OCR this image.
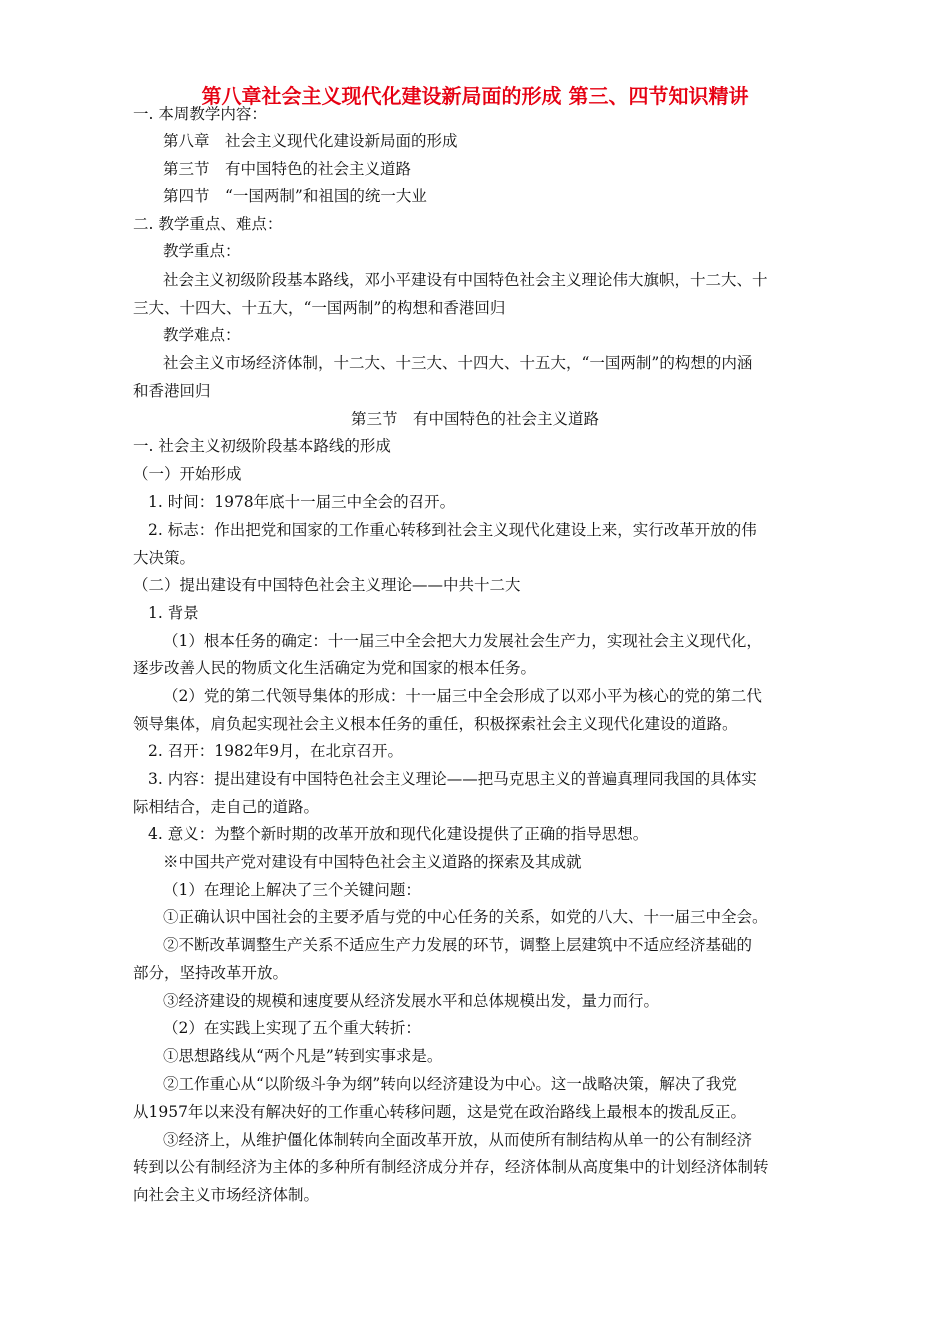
第八章社会主义现代化建设新局面的形成 第三、四节知识精讲
一. 本周教学内容：
第八章　社会主义现代化建设新局面的形成
第三节　有中国特色的社会主义道路
第四节　“一国两制”和祖国的统一大业
二. 教学重点、难点：
教学重点：
社会主义初级阶段基本路线，邓小平建设有中国特色社会主义理论伟大旗帜，十二大、十
三大、十四大、十五大，“一国两制”的构想和香港回归
教学难点：
社会主义市场经济体制，十二大、十三大、十四大、十五大，“一国两制”的构想的内涵
和香港回归
第三节　有中国特色的社会主义道路
一. 社会主义初级阶段基本路线的形成
（一）开始形成
1. 时间：1978年底十一届三中全会的召开。
2. 标志：作出把党和国家的工作重心转移到社会主义现代化建设上来，实行改革开放的伟
大决策。
（二）提出建设有中国特色社会主义理论——中共十二大
1. 背景
（1）根本任务的确定：十一届三中全会把大力发展社会生产力，实现社会主义现代化，
逐步改善人民的物质文化生活确定为党和国家的根本任务。
（2）党的第二代领导集体的形成：十一届三中全会形成了以邓小平为核心的党的第二代
领导集体，肩负起实现社会主义根本任务的重任，积极探索社会主义现代化建设的道路。
2. 召开：1982年9月，在北京召开。
3. 内容：提出建设有中国特色社会主义理论——把马克思主义的普遍真理同我国的具体实
际相结合，走自己的道路。
4. 意义：为整个新时期的改革开放和现代化建设提供了正确的指导思想。
※中国共产党对建设有中国特色社会主义道路的探索及其成就
（1）在理论上解决了三个关键问题：
①正确认识中国社会的主要矛盾与党的中心任务的关系，如党的八大、十一届三中全会。
②不断改革调整生产关系不适应生产力发展的环节，调整上层建筑中不适应经济基础的
部分，坚持改革开放。
③经济建设的规模和速度要从经济发展水平和总体规模出发，量力而行。
（2）在实践上实现了五个重大转折：
①思想路线从“两个凡是”转到实事求是。
②工作重心从“以阶级斗争为纲”转向以经济建设为中心。这一战略决策，解决了我党
从1957年以来没有解决好的工作重心转移问题，这是党在政治路线上最根本的拨乱反正。
③经济上，从维护僵化体制转向全面改革开放，从而使所有制结构从单一的公有制经济
转到以公有制经济为主体的多种所有制经济成分并存，经济体制从高度集中的计划经济体制转
向社会主义市场经济体制。
